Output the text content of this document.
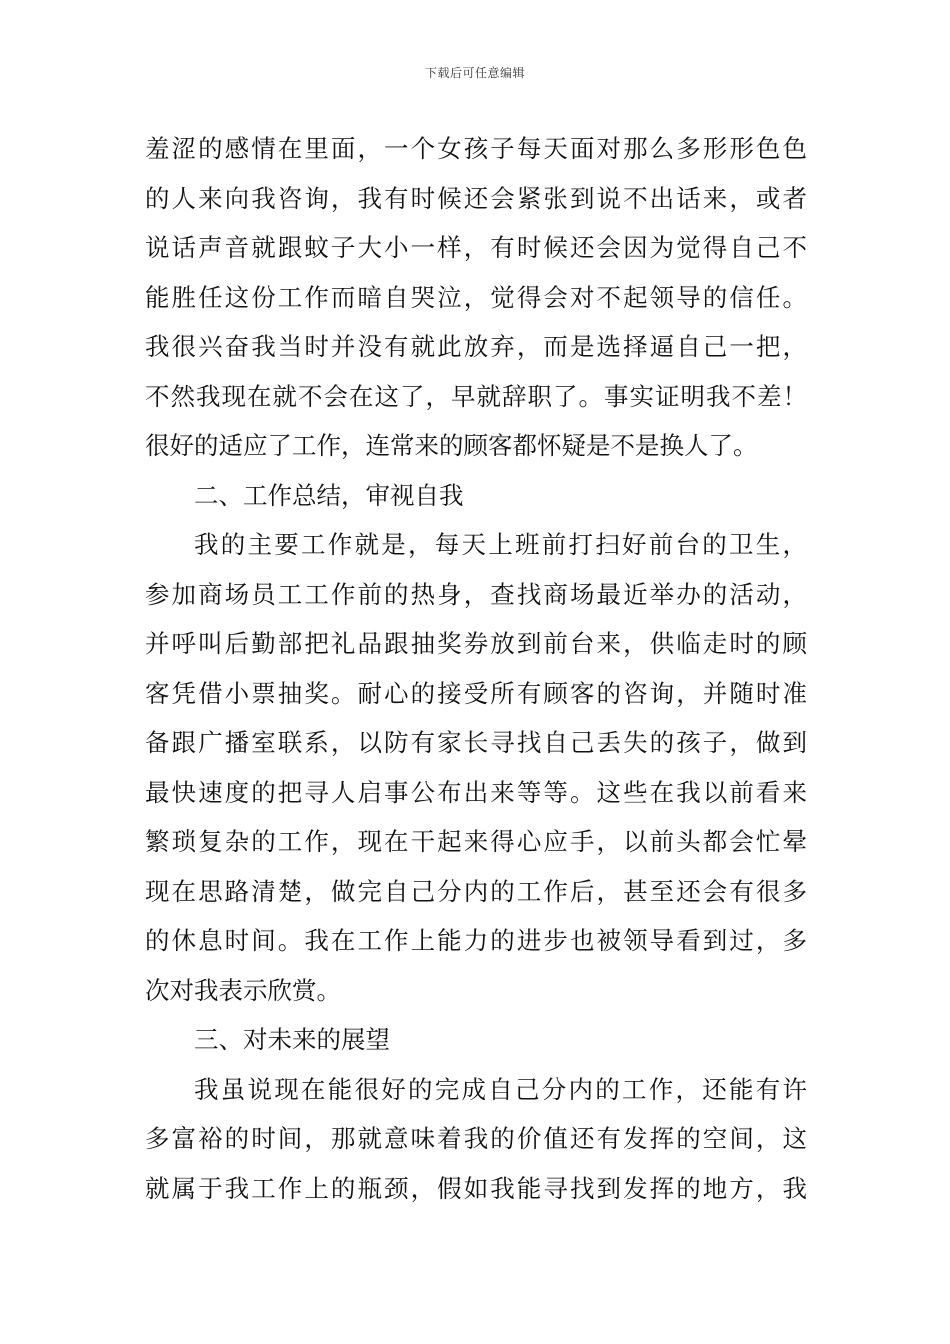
下载后可任意编辑
羞涩的感情在里面，一个女孩子每天面对那么多形形色色
的人来向我咨询，我有时候还会紧张到说不出话来，或者
说话声音就跟蚊子大小一样，有时候还会因为觉得自己不
能胜任这份工作而暗自哭泣，觉得会对不起领导的信任。
我很兴奋我当时并没有就此放弃，而是选择逼自己一把，
不然我现在就不会在这了，早就辞职了。事实证明我不差！
很好的适应了工作，连常来的顾客都怀疑是不是换人了。
二、工作总结，审视自我
我的主要工作就是，每天上班前打扫好前台的卫生，
参加商场员工工作前的热身，查找商场最近举办的活动，
并呼叫后勤部把礼品跟抽奖券放到前台来，供临走时的顾
客凭借小票抽奖。耐心的接受所有顾客的咨询，并随时准
备跟广播室联系，以防有家长寻找自己丢失的孩子，做到
最快速度的把寻人启事公布出来等等。这些在我以前看来
繁琐复杂的工作，现在干起来得心应手，以前头都会忙晕
现在思路清楚，做完自己分内的工作后，甚至还会有很多
的休息时间。我在工作上能力的进步也被领导看到过，多
次对我表示欣赏。
三、对未来的展望
我虽说现在能很好的完成自己分内的工作，还能有许
多富裕的时间，那就意味着我的价值还有发挥的空间，这
就属于我工作上的瓶颈，假如我能寻找到发挥的地方，我
